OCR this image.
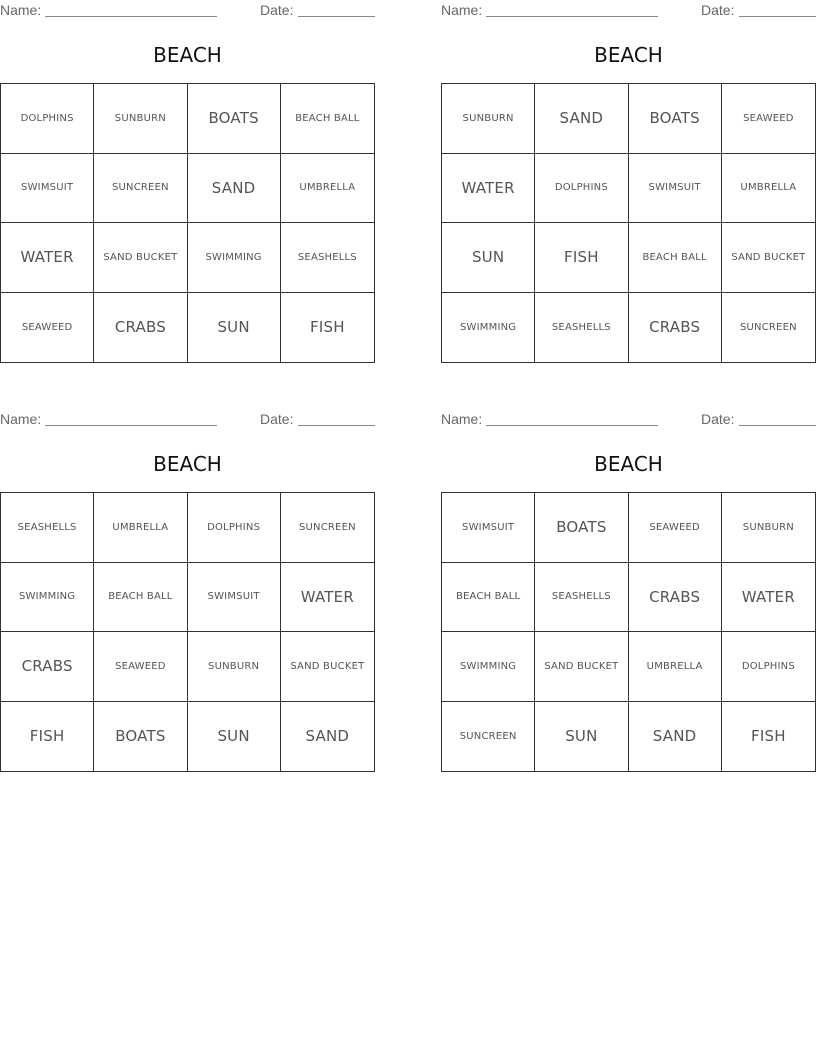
Name:	Date:
BEACH
DOLPHINS	SUNBURN	BOATS	BEACH BALL
SWIMSUIT	SUNCREEN	SAND	UMBRELLA
WATER	SAND BUCKET	SWIMMING	SEASHELLS
SEAWEED	CRABS	SUN	FISH
Name:	Date:
BEACH
SUNBURN	SAND	BOATS	SEAWEED
WATER	DOLPHINS	SWIMSUIT	UMBRELLA
SUN	FISH	BEACH BALL	SAND BUCKET
SWIMMING	SEASHELLS	CRABS	SUNCREEN
Name:	Date:
BEACH
SEASHELLS	UMBRELLA	DOLPHINS	SUNCREEN
SWIMMING	BEACH BALL	SWIMSUIT	WATER
CRABS	SEAWEED	SUNBURN	SAND BUCKET
FISH	BOATS	SUN	SAND
Name:	Date:
BEACH
SWIMSUIT	BOATS	SEAWEED	SUNBURN
BEACH BALL	SEASHELLS	CRABS	WATER
SWIMMING	SAND BUCKET	UMBRELLA	DOLPHINS
SUNCREEN	SUN	SAND	FISH
